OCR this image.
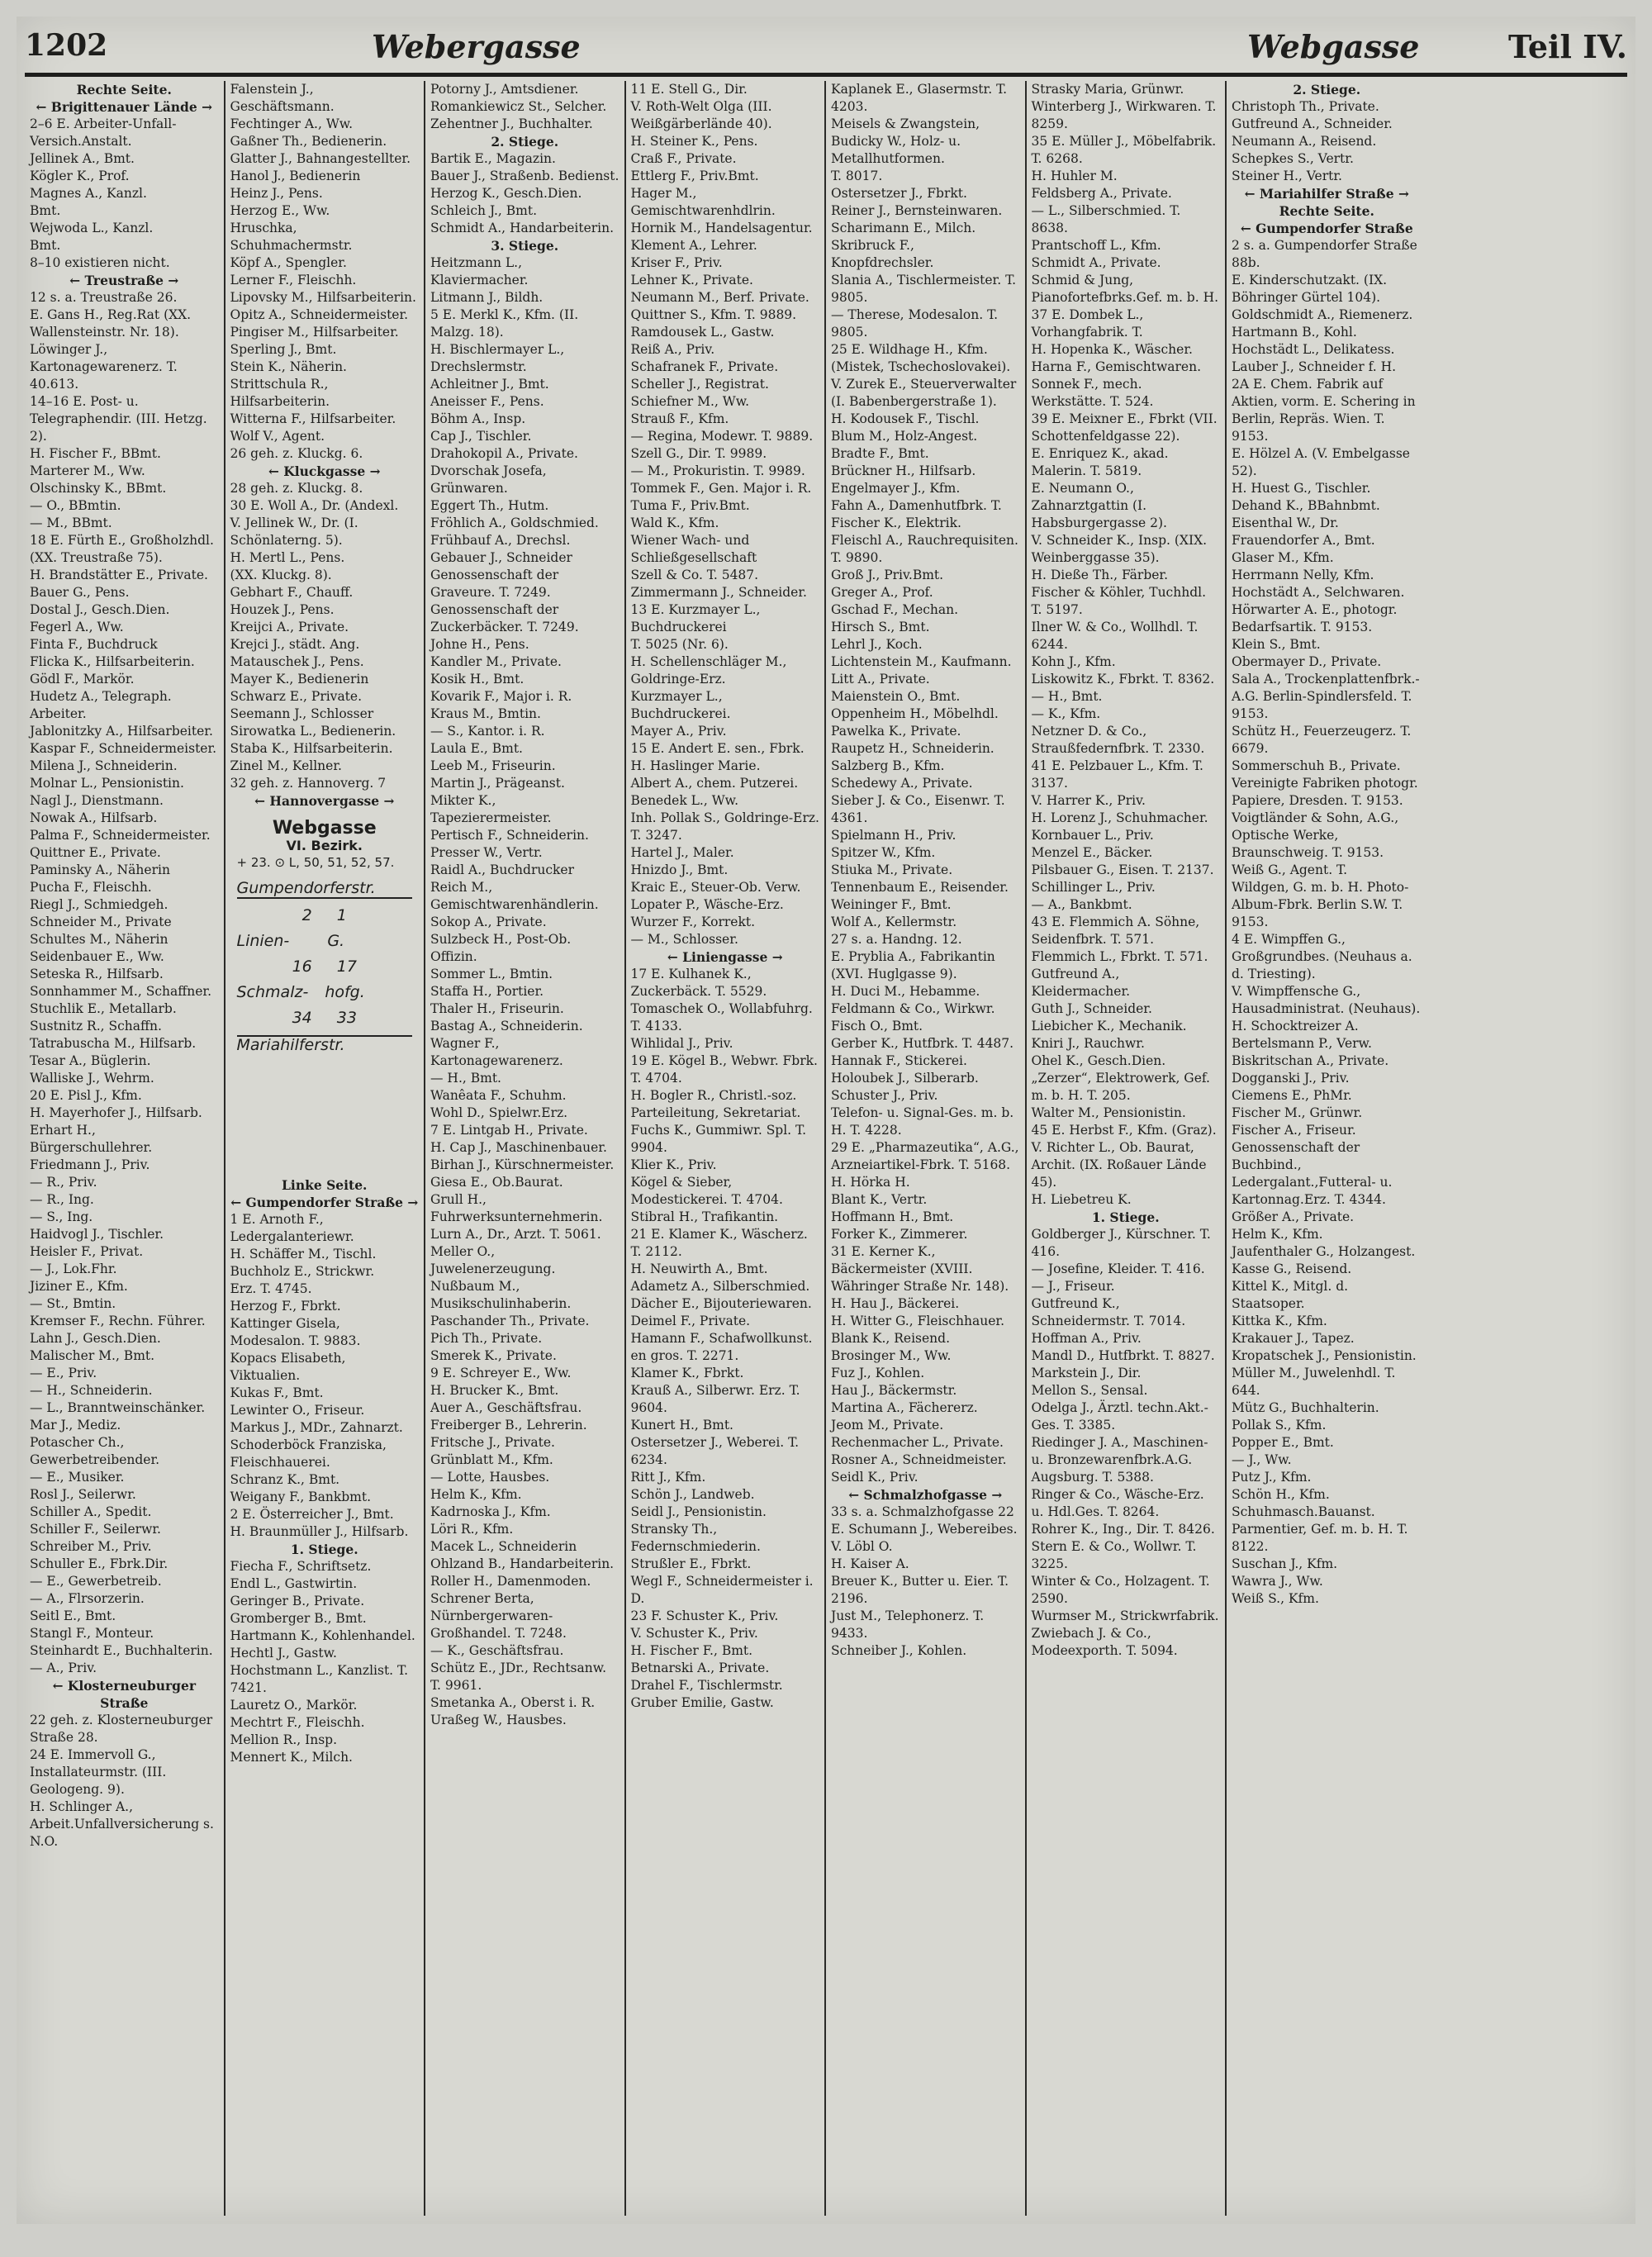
1202	Webergasse	Webgasse	Teil IV.

Rechte Seite.

← Brigittenauer Lände →

2–6 E. Arbeiter-Unfall-Versich.Anstalt.

Jellinek A., Bmt.

Kögler K., Prof.

Magnes A., Kanzl.

Bmt.

Wejwoda L., Kanzl.

Bmt.

8–10 existieren nicht.

← Treustraße →

12 s. a. Treustraße 26.

E. Gans H., Reg.Rat (XX. Wallensteinstr. Nr. 18).

Löwinger J., Kartonagewarenerz. T. 40.613.

14–16 E. Post- u. Telegraphendir. (III. Hetzg. 2).

H. Fischer F., BBmt.

Marterer M., Ww.

Olschinsky K., BBmt.

— O., BBmtin.

— M., BBmt.

18 E. Fürth E., Großholzhdl. (XX. Treustraße 75).

H. Brandstätter E., Private.

Bauer G., Pens.

Dostal J., Gesch.Dien.

Fegerl A., Ww.

Finta F., Buchdruck

Flicka K., Hilfsarbeiterin.

Gödl F., Markör.

Hudetz A., Telegraph.

Arbeiter.

Jablonitzky A., Hilfsarbeiter.

Kaspar F., Schneidermeister.

Milena J., Schneiderin.

Molnar L., Pensionistin.

Nagl J., Dienstmann.

Nowak A., Hilfsarb.

Palma F., Schneidermeister.

Quittner E., Private.

Paminsky A., Näherin

Pucha F., Fleischh.

Riegl J., Schmiedgeh.

Schneider M., Private

Schultes M., Näherin

Seidenbauer E., Ww.

Seteska R., Hilfsarb.

Sonnhammer M., Schaffner.

Stuchlik E., Metallarb.

Sustnitz R., Schaffn.

Tatrabuscha M., Hilfsarb.

Tesar A., Büglerin.

Walliske J., Wehrm.

20 E. Pisl J., Kfm.

H. Mayerhofer J., Hilfsarb.

Erhart H., Bürgerschullehrer.

Friedmann J., Priv.

— R., Priv.

— R., Ing.

— S., Ing.

Haidvogl J., Tischler.

Heisler F., Privat.

— J., Lok.Fhr.

Jiziner E., Kfm.

— St., Bmtin.

Kremser F., Rechn. Führer.

Lahn J., Gesch.Dien.

Malischer M., Bmt.

— E., Priv.

— H., Schneiderin.

— L., Branntweinschänker.

Mar J., Mediz.

Potascher Ch., Gewerbetreibender.

— E., Musiker.

Rosl J., Seilerwr.

Schiller A., Spedit.

Schiller F., Seilerwr.

Schreiber M., Priv.

Schuller E., Fbrk.Dir.

— E., Gewerbetreib.

— A., Flrsorzerin.

Seitl E., Bmt.

Stangl F., Monteur.

Steinhardt E., Buchhalterin.

— A., Priv.

← Klosterneuburger Straße

22 geh. z. Klosterneuburger Straße 28.

24 E. Immervoll G., Installateurmstr. (III. Geologeng. 9).

H. Schlinger A., Arbeit.Unfallversicherung s. N.O.

Falenstein J., Geschäftsmann.

Fechtinger A., Ww.

Gaßner Th., Bedienerin.

Glatter J., Bahnangestellter.

Hanol J., Bedienerin

Heinz J., Pens.

Herzog E., Ww.

Hruschka, Schuhmachermstr.

Köpf A., Spengler.

Lerner F., Fleischh.

Lipovsky M., Hilfsarbeiterin.

Opitz A., Schneidermeister.

Pingiser M., Hilfsarbeiter.

Sperling J., Bmt.

Stein K., Näherin.

Strittschula R., Hilfsarbeiterin.

Witterna F., Hilfsarbeiter.

Wolf V., Agent.

26 geh. z. Kluckg. 6.

← Kluckgasse →

28 geh. z. Kluckg. 8.

30 E. Woll A., Dr. (Andexl.

V. Jellinek W., Dr. (I. Schönlaterng. 5).

H. Mertl L., Pens.

(XX. Kluckg. 8).

Gebhart F., Chauff.

Houzek J., Pens.

Kreijci A., Private.

Krejci J., städt. Ang.

Matauschek J., Pens.

Mayer K., Bedienerin

Schwarz E., Private.

Seemann J., Schlosser

Sirowatka L., Bedienerin.

Staba K., Hilfsarbeiterin.

Zinel M., Kellner.

32 geh. z. Hannoverg. 7

← Hannovergasse →

Webgasse
VI. Bezirk.
+ 23. ⊙ L, 50, 51, 52, 57.
Gumpendorferstr.
2 1
Linien- G.
16 17
Schmalz- hofg.
34 33
Mariahilferstr.

Linke Seite.

← Gumpendorfer Straße →

1 E. Arnoth F., Ledergalanteriewr.

H. Schäffer M., Tischl.

Buchholz E., Strickwr.

Erz. T. 4745.

Herzog F., Fbrkt.

Kattinger Gisela, Modesalon. T. 9883.

Kopacs Elisabeth, Viktualien.

Kukas F., Bmt.

Lewinter O., Friseur.

Markus J., MDr., Zahnarzt.

Schoderböck Franziska, Fleischhauerei.

Schranz K., Bmt.

Weigany F., Bankbmt.

2 E. Österreicher J., Bmt.

H. Braunmüller J., Hilfsarb.

1. Stiege.

Fiecha F., Schriftsetz.

Endl L., Gastwirtin.

Geringer B., Private.

Gromberger B., Bmt.

Hartmann K., Kohlenhandel.

Hechtl J., Gastw.

Hochstmann L., Kanzlist. T. 7421.

Lauretz O., Markör.

Mechtrt F., Fleischh.

Mellion R., Insp.

Mennert K., Milch.

Potorny J., Amtsdiener.

Romankiewicz St., Selcher.

Zehentner J., Buchhalter.

2. Stiege.

Bartik E., Magazin.

Bauer J., Straßenb. Bedienst.

Herzog K., Gesch.Dien.

Schleich J., Bmt.

Schmidt A., Handarbeiterin.

3. Stiege.

Heitzmann L., Klaviermacher.

Litmann J., Bildh.

5 E. Merkl K., Kfm. (II. Malzg. 18).

H. Bischlermayer L., Drechslermstr.

Achleitner J., Bmt.

Aneisser F., Pens.

Böhm A., Insp.

Cap J., Tischler.

Drahokopil A., Private.

Dvorschak Josefa, Grünwaren.

Eggert Th., Hutm.

Fröhlich A., Goldschmied.

Frühbauf A., Drechsl.

Gebauer J., Schneider

Genossenschaft der Graveure. T. 7249.

Genossenschaft der Zuckerbäcker. T. 7249.

Johne H., Pens.

Kandler M., Private.

Kosik H., Bmt.

Kovarik F., Major i. R.

Kraus M., Bmtin.

— S., Kantor. i. R.

Laula E., Bmt.

Leeb M., Friseurin.

Martin J., Prägeanst.

Mikter K., Tapezierermeister.

Pertisch F., Schneiderin.

Presser W., Vertr.

Raidl A., Buchdrucker

Reich M., Gemischtwarenhändlerin.

Sokop A., Private.

Sulzbeck H., Post-Ob. Offizin.

Sommer L., Bmtin.

Staffa H., Portier.

Thaler H., Friseurin.

Bastag A., Schneiderin.

Wagner F., Kartonagewarenerz.

— H., Bmt.

Wanêata F., Schuhm.

Wohl D., Spielwr.Erz.

7 E. Lintgab H., Private.

H. Cap J., Maschinenbauer.

Birhan J., Kürschnermeister.

Giesa E., Ob.Baurat.

Grull H., Fuhrwerksunternehmerin.

Lurn A., Dr., Arzt. T. 5061.

Meller O., Juwelenerzeugung.

Nußbaum M., Musikschulinhaberin.

Paschander Th., Private.

Pich Th., Private.

Smerek K., Private.

9 E. Schreyer E., Ww.

H. Brucker K., Bmt.

Auer A., Geschäftsfrau.

Freiberger B., Lehrerin.

Fritsche J., Private.

Grünblatt M., Kfm.

— Lotte, Hausbes.

Helm K., Kfm.

Kadrnoska J., Kfm.

Löri R., Kfm.

Macek L., Schneiderin

Ohlzand B., Handarbeiterin.

Roller H., Damenmoden.

Schrener Berta, Nürnbergerwaren-Großhandel. T. 7248.

— K., Geschäftsfrau.

Schütz E., JDr., Rechtsanw. T. 9961.

Smetanka A., Oberst i. R.

Uraßeg W., Hausbes.

11 E. Stell G., Dir.

V. Roth-Welt Olga (III. Weißgärberlände 40).

H. Steiner K., Pens.

Craß F., Private.

Ettlerg F., Priv.Bmt.

Hager M., Gemischtwarenhdlrin.

Hornik M., Handelsagentur.

Klement A., Lehrer.

Kriser F., Priv.

Lehner K., Private.

Neumann M., Berf. Private.

Quittner S., Kfm. T. 9889.

Ramdousek L., Gastw.

Reiß A., Priv.

Schafranek F., Private.

Scheller J., Registrat.

Schiefner M., Ww.

Strauß F., Kfm.

— Regina, Modewr. T. 9889.

Szell G., Dir. T. 9989.

— M., Prokuristin. T. 9989.

Tommek F., Gen. Major i. R.

Tuma F., Priv.Bmt.

Wald K., Kfm.

Wiener Wach- und Schließgesellschaft

Szell & Co. T. 5487.

Zimmermann J., Schneider.

13 E. Kurzmayer L., Buchdruckerei

T. 5025 (Nr. 6).

H. Schellenschläger M., Goldringe-Erz.

Kurzmayer L., Buchdruckerei.

Mayer A., Priv.

15 E. Andert E. sen., Fbrk.

H. Haslinger Marie.

Albert A., chem. Putzerei.

Benedek L., Ww.

Inh. Pollak S., Goldringe-Erz. T. 3247.

Hartel J., Maler.

Hnizdo J., Bmt.

Kraic E., Steuer-Ob. Verw.

Lopater P., Wäsche-Erz.

Wurzer F., Korrekt.

— M., Schlosser.

← Liniengasse →

17 E. Kulhanek K., Zuckerbäck. T. 5529.

Tomaschek O., Wollabfuhrg. T. 4133.

Wihlidal J., Priv.

19 E. Kögel B., Webwr. Fbrk. T. 4704.

H. Bogler R., Christl.-soz. Parteileitung, Sekretariat.

Fuchs K., Gummiwr. Spl. T. 9904.

Klier K., Priv.

Kögel & Sieber, Modestickerei. T. 4704.

Stibral H., Trafikantin.

21 E. Klamer K., Wäscherz. T. 2112.

H. Neuwirth A., Bmt.

Adametz A., Silberschmied.

Dächer E., Bijouteriewaren.

Deimel F., Private.

Hamann F., Schafwollkunst. en gros. T. 2271.

Klamer K., Fbrkt.

Krauß A., Silberwr. Erz. T. 9604.

Kunert H., Bmt.

Ostersetzer J., Weberei. T. 6234.

Ritt J., Kfm.

Schön J., Landweb.

Seidl J., Pensionistin.

Stransky Th., Federnschmiederin.

Strußler E., Fbrkt.

Wegl F., Schneidermeister i. D.

23 F. Schuster K., Priv.

V. Schuster K., Priv.

H. Fischer F., Bmt.

Betnarski A., Private.

Drahel F., Tischlermstr.

Gruber Emilie, Gastw.

Kaplanek E., Glasermstr. T. 4203.

Meisels & Zwangstein, Budicky W., Holz- u. Metallhutformen.

T. 8017.

Ostersetzer J., Fbrkt.

Reiner J., Bernsteinwaren.

Scharimann E., Milch.

Skribruck F., Knopfdrechsler.

Slania A., Tischlermeister. T. 9805.

— Therese, Modesalon. T. 9805.

25 E. Wildhage H., Kfm. (Mistek, Tschechoslovakei).

V. Zurek E., Steuerverwalter (I. Babenbergerstraße 1).

H. Kodousek F., Tischl.

Blum M., Holz-Angest.

Bradte F., Bmt.

Brückner H., Hilfsarb.

Engelmayer J., Kfm.

Fahn A., Damenhutfbrk. T.

Fischer K., Elektrik.

Fleischl A., Rauchrequisiten. T. 9890.

Groß J., Priv.Bmt.

Greger A., Prof.

Gschad F., Mechan.

Hirsch S., Bmt.

Lehrl J., Koch.

Lichtenstein M., Kaufmann.

Litt A., Private.

Maienstein O., Bmt.

Oppenheim H., Möbelhdl.

Pawelka K., Private.

Raupetz H., Schneiderin.

Salzberg B., Kfm.

Schedewy A., Private.

Sieber J. & Co., Eisenwr. T. 4361.

Spielmann H., Priv.

Spitzer W., Kfm.

Stiuka M., Private.

Tennenbaum E., Reisender.

Weininger F., Bmt.

Wolf A., Kellermstr.

27 s. a. Handng. 12.

E. Pryblia A., Fabrikantin (XVI. Huglgasse 9).

H. Duci M., Hebamme.

Feldmann & Co., Wirkwr.

Fisch O., Bmt.

Gerber K., Hutfbrk. T. 4487.

Hannak F., Stickerei.

Holoubek J., Silberarb.

Schuster J., Priv.

Telefon- u. Signal-Ges. m. b. H. T. 4228.

29 E. „Pharmazeutika“, A.G., Arzneiartikel-Fbrk. T. 5168.

H. Hörka H.

Blant K., Vertr.

Hoffmann H., Bmt.

Forker K., Zimmerer.

31 E. Kerner K., Bäckermeister (XVIII. Währinger Straße Nr. 148).

H. Hau J., Bäckerei.

H. Witter G., Fleischhauer.

Blank K., Reisend.

Brosinger M., Ww.

Fuz J., Kohlen.

Hau J., Bäckermstr.

Martina A., Fächererz.

Jeom M., Private.

Rechenmacher L., Private.

Rosner A., Schneidmeister.

Seidl K., Priv.

← Schmalzhofgasse →

33 s. a. Schmalzhofgasse 22

E. Schumann J., Webereibes.

V. Löbl O.

H. Kaiser A.

Breuer K., Butter u. Eier. T. 2196.

Just M., Telephonerz. T. 9433.

Schneiber J., Kohlen.

Strasky Maria, Grünwr.

Winterberg J., Wirkwaren. T. 8259.

35 E. Müller J., Möbelfabrik. T. 6268.

H. Huhler M.

Feldsberg A., Private.

— L., Silberschmied. T. 8638.

Prantschoff L., Kfm.

Schmidt A., Private.

Schmid & Jung, Pianofortefbrks.Gef. m. b. H.

37 E. Dombek L., Vorhangfabrik. T.

H. Hopenka K., Wäscher.

Harna F., Gemischtwaren.

Sonnek F., mech. Werkstätte. T. 524.

39 E. Meixner E., Fbrkt (VII. Schottenfeldgasse 22).

E. Enriquez K., akad. Malerin. T. 5819.

E. Neumann O., Zahnarztgattin (I. Habsburgergasse 2).

V. Schneider K., Insp. (XIX. Weinberggasse 35).

H. Dieße Th., Färber.

Fischer & Köhler, Tuchhdl. T. 5197.

Ilner W. & Co., Wollhdl. T. 6244.

Kohn J., Kfm.

Liskowitz K., Fbrkt. T. 8362.

— H., Bmt.

— K., Kfm.

Netzner D. & Co., Straußfedernfbrk. T. 2330.

41 E. Pelzbauer L., Kfm. T. 3137.

V. Harrer K., Priv.

H. Lorenz J., Schuhmacher.

Kornbauer L., Priv.

Menzel E., Bäcker.

Pilsbauer G., Eisen. T. 2137.

Schillinger L., Priv.

— A., Bankbmt.

43 E. Flemmich A. Söhne, Seidenfbrk. T. 571.

Flemmich L., Fbrkt. T. 571.

Gutfreund A., Kleidermacher.

Guth J., Schneider.

Liebicher K., Mechanik.

Kniri J., Rauchwr.

Ohel K., Gesch.Dien.

„Zerzer“, Elektrowerk, Gef. m. b. H. T. 205.

Walter M., Pensionistin.

45 E. Herbst F., Kfm. (Graz).

V. Richter L., Ob. Baurat, Archit. (IX. Roßauer Lände 45).

H. Liebetreu K.

1. Stiege.

Goldberger J., Kürschner. T. 416.

— Josefine, Kleider. T. 416.

— J., Friseur.

Gutfreund K., Schneidermstr. T. 7014.

Hoffman A., Priv.

Mandl D., Hutfbrkt. T. 8827.

Markstein J., Dir.

Mellon S., Sensal.

Odelga J., Ärztl. techn.Akt.-Ges. T. 3385.

Riedinger J. A., Maschinen- u. Bronzewarenfbrk.A.G. Augsburg. T. 5388.

Ringer & Co., Wäsche-Erz. u. Hdl.Ges. T. 8264.

Rohrer K., Ing., Dir. T. 8426.

Stern E. & Co., Wollwr. T. 3225.

Winter & Co., Holzagent. T. 2590.

Wurmser M., Strickwrfabrik.

Zwiebach J. & Co., Modeexporth. T. 5094.

2. Stiege.

Christoph Th., Private.

Gutfreund A., Schneider.

Neumann A., Reisend.

Schepkes S., Vertr.

Steiner H., Vertr.

← Mariahilfer Straße →

Rechte Seite.

← Gumpendorfer Straße

2 s. a. Gumpendorfer Straße 88b.

E. Kinderschutzakt. (IX. Böhringer Gürtel 104).

Goldschmidt A., Riemenerz.

Hartmann B., Kohl.

Hochstädt L., Delikatess.

Lauber J., Schneider f. H.

2A E. Chem. Fabrik auf Aktien, vorm. E. Schering in Berlin, Repräs. Wien. T. 9153.

E. Hölzel A. (V. Embelgasse 52).

H. Huest G., Tischler.

Dehand K., BBahnbmt.

Eisenthal W., Dr.

Frauendorfer A., Bmt.

Glaser M., Kfm.

Herrmann Nelly, Kfm.

Hochstädt A., Selchwaren.

Hörwarter A. E., photogr. Bedarfsartik. T. 9153.

Klein S., Bmt.

Obermayer D., Private.

Sala A., Trockenplattenfbrk.-A.G. Berlin-Spindlersfeld. T. 9153.

Schütz H., Feuerzeugerz. T. 6679.

Sommerschuh B., Private.

Vereinigte Fabriken photogr. Papiere, Dresden. T. 9153.

Voigtländer & Sohn, A.G., Optische Werke, Braunschweig. T. 9153.

Weiß G., Agent. T.

Wildgen, G. m. b. H. Photo-Album-Fbrk. Berlin S.W. T. 9153.

4 E. Wimpffen G., Großgrundbes. (Neuhaus a. d. Triesting).

V. Wimpffensche G., Hausadministrat. (Neuhaus).

H. Schocktreizer A.

Bertelsmann P., Verw.

Biskritschan A., Private.

Dogganski J., Priv.

Ciemens E., PhMr.

Fischer M., Grünwr.

Fischer A., Friseur.

Genossenschaft der Buchbind., Ledergalant.,Futteral- u. Kartonnag.Erz. T. 4344.

Größer A., Private.

Helm K., Kfm.

Jaufenthaler G., Holzangest.

Kasse G., Reisend.

Kittel K., Mitgl. d. Staatsoper.

Kittka K., Kfm.

Krakauer J., Tapez.

Kropatschek J., Pensionistin.

Müller M., Juwelenhdl. T. 644.

Mütz G., Buchhalterin.

Pollak S., Kfm.

Popper E., Bmt.

— J., Ww.

Putz J., Kfm.

Schön H., Kfm.

Schuhmasch.Bauanst. Parmentier, Gef. m. b. H. T. 8122.

Suschan J., Kfm.

Wawra J., Ww.

Weiß S., Kfm.
